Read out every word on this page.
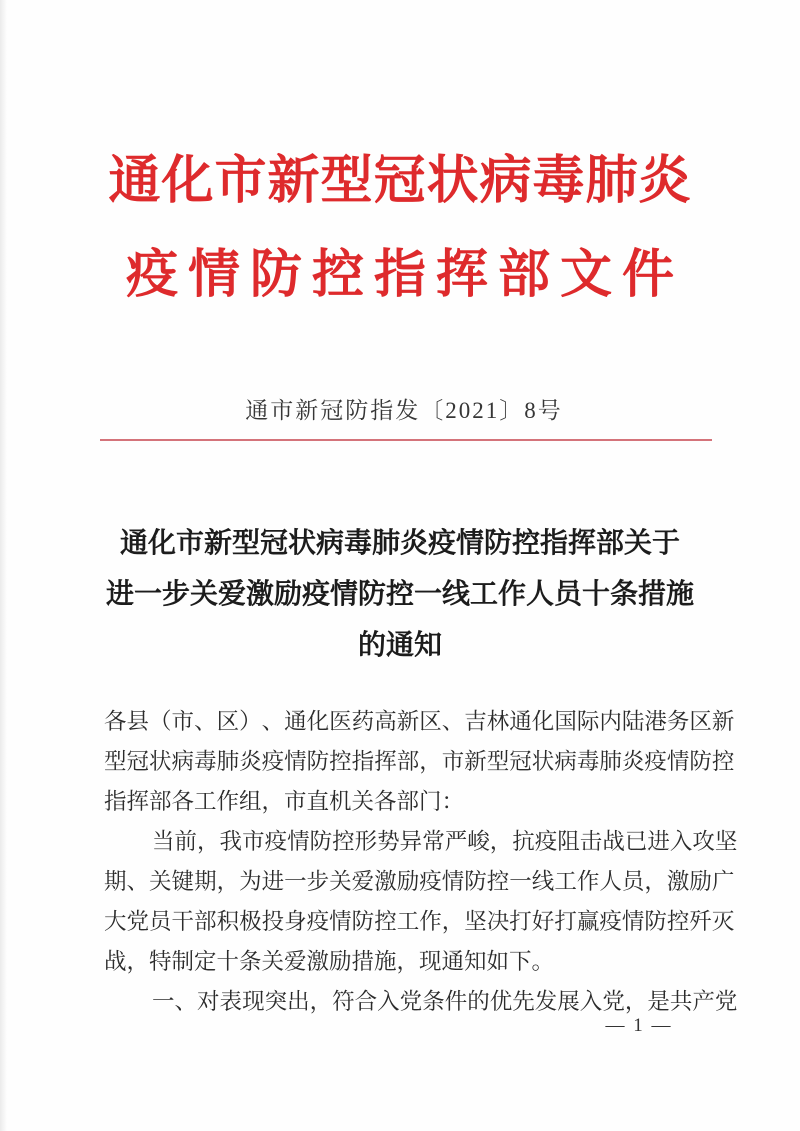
通化市新型冠状病毒肺炎
疫情防控指挥部文件
通市新冠防指发〔2021〕8号
通化市新型冠状病毒肺炎疫情防控指挥部关于
进一步关爱激励疫情防控一线工作人员十条措施
的通知
各 县 （ 市 、 区 ） 、 通 化 医 药 高 新 区 、 吉 林 通 化 国 际 内 陆 港 务 区 新
型 冠 状 病 毒 肺 炎 疫 情 防 控 指 挥 部 ， 市 新 型 冠 状 病 毒 肺 炎 疫 情 防 控
指挥部各工作组，市直机关各部门：
当 前 ， 我 市 疫 情 防 控 形 势 异 常 严 峻 ， 抗 疫 阻 击 战 已 进 入 攻 坚
期 、 关 键 期 ， 为 进 一 步 关 爱 激 励 疫 情 防 控 一 线 工 作 人 员 ， 激 励 广
大 党 员 干 部 积 极 投 身 疫 情 防 控 工 作 ， 坚 决 打 好 打 赢 疫 情 防 控 歼 灭
战，特制定十条关爱激励措施，现通知如下。
一 、 对 表 现 突 出 ， 符 合 入 党 条 件 的 优 先 发 展 入 党 ， 是 共 产 党
— 1 —
